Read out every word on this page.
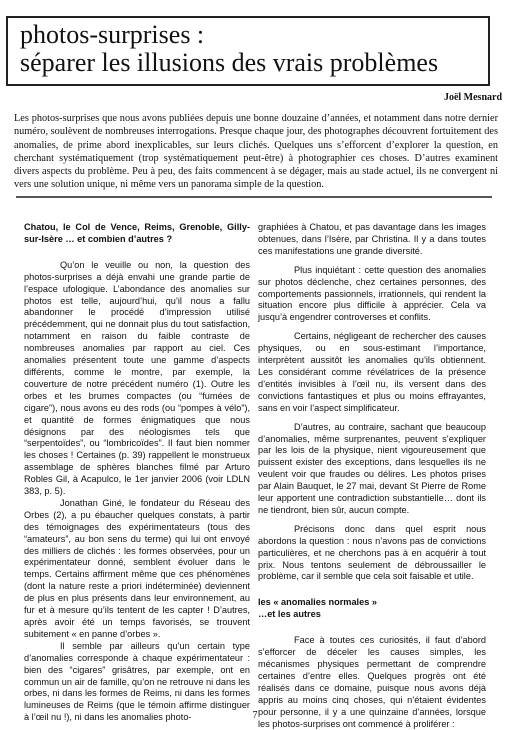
photos-surprises :
séparer les illusions des vrais problèmes
Joël Mesnard
Les photos-surprises que nous avons publiées depuis une bonne douzaine d’années, et notamment dans notre dernier numéro, soulèvent de nombreuses interrogations. Presque chaque jour, des photographes découvrent fortuitement des anomalies, de prime abord inexplicables, sur leurs clichés. Quelques uns s’efforcent d’explorer la question, en cherchant systématiquement (trop systématiquement peut-être) à photographier ces choses. D’autres examinent divers aspects du problème. Peu à peu, des faits commencent à se dégager, mais au stade actuel, ils ne convergent ni vers une solution unique, ni même vers un panorama simple de la question.

Chatou, le Col de Vence, Reims, Grenoble, Gilly-sur-Isère … et combien d’autres ?

Qu’on le veuille ou non, la question des photos-surprises a déjà envahi une grande partie de l’espace ufologique. L’abondance des anomalies sur photos est telle, aujourd’hui, qu’il nous a fallu abandonner le procédé d’impression utilisé précédemment, qui ne donnait plus du tout satisfaction, notamment en raison du faible contraste de nombreuses anomalies par rapport au ciel. Ces anomalies présentent toute une gamme d’aspects différents, comme le montre, par exemple, la couverture de notre précédent numéro (1). Outre les orbes et les brumes compactes (ou “fumées de cigare”), nous avons eu des rods (ou “pompes à vélo”), et quantité de formes énigmatiques que nous désignons par des néologismes tels que “serpentoïdes”, ou “lombricoïdes”. Il faut bien nommer les choses ! Certaines (p. 39) rappellent le monstrueux assemblage de sphères blanches filmé par Arturo Robles Gil, à Acapulco, le 1er janvier 2006 (voir LDLN 383, p. 5).

Jonathan Giné, le fondateur du Réseau des Orbes (2), a pu ébaucher quelques constats, à partir des témoignages des expérimentateurs (tous des “amateurs”, au bon sens du terme) qui lui ont envoyé des milliers de clichés : les formes observées, pour un expérimentateur donné, semblent évoluer dans le temps. Certains affirment même que ces phénomènes (dont la nature reste a priori indéterminée) deviennent de plus en plus présents dans leur environnement, au fur et à mesure qu’ils tentent de les capter ! D’autres, après avoir été un temps favorisés, se trouvent subitement « en panne d’orbes ».

Il semble par ailleurs qu’un certain type d’anomalies corresponde à chaque expérimentateur : bien des “cigares” grisâtres, par exemple, ont en commun un air de famille, qu’on ne retrouve ni dans les orbes, ni dans les formes de Reims, ni dans les formes lumineuses de Reims (que le témoin affirme distinguer à l’œil nu !), ni dans les anomalies photo-

graphiées à Chatou, et pas davantage dans les images obtenues, dans l’Isère, par Christina. Il y a dans toutes ces manifestations une grande diversité.

Plus inquiétant : cette question des anomalies sur photos déclenche, chez certaines personnes, des comportements passionnels, irrationnels, qui rendent la situation encore plus difficile à apprécier. Cela va jusqu’à engendrer controverses et conflits.

Certains, négligeant de rechercher des causes physiques, ou en sous-estimant l’importance, interprètent aussitôt les anomalies qu’ils obtiennent. Les considérant comme révélatrices de la présence d’entités invisibles à l’œil nu, ils versent dans des convictions fantastiques et plus ou moins effrayantes, sans en voir l’aspect simplificateur.

D’autres, au contraire, sachant que beaucoup d’anomalies, même surprenantes, peuvent s’expliquer par les lois de la physique, nient vigoureusement que puissent exister des exceptions, dans lesquelles ils ne veulent voir que fraudes ou délires. Les photos prises par Alain Bauquet, le 27 mai, devant St Pierre de Rome leur apportent une contradiction substantielle… dont ils ne tiendront, bien sûr, aucun compte.

Précisons donc dans quel esprit nous abordons la question : nous n’avons pas de convictions particulières, et ne cherchons pas à en acquérir à tout prix. Nous tentons seulement de débroussailler le problème, car il semble que cela soit faisable et utile.

les « anomalies normales »

…et les autres

Face à toutes ces curiosités, il faut d’abord s’efforcer de déceler les causes simples, les mécanismes physiques permettant de comprendre certaines d’entre elles. Quelques progrès ont été réalisés dans ce domaine, puisque nous avons déjà appris au moins cinq choses, qui n’étaient évidentes pour personne, il y a une quinzaine d’années, lorsque les photos-surprises ont commencé à proliférer :

7
